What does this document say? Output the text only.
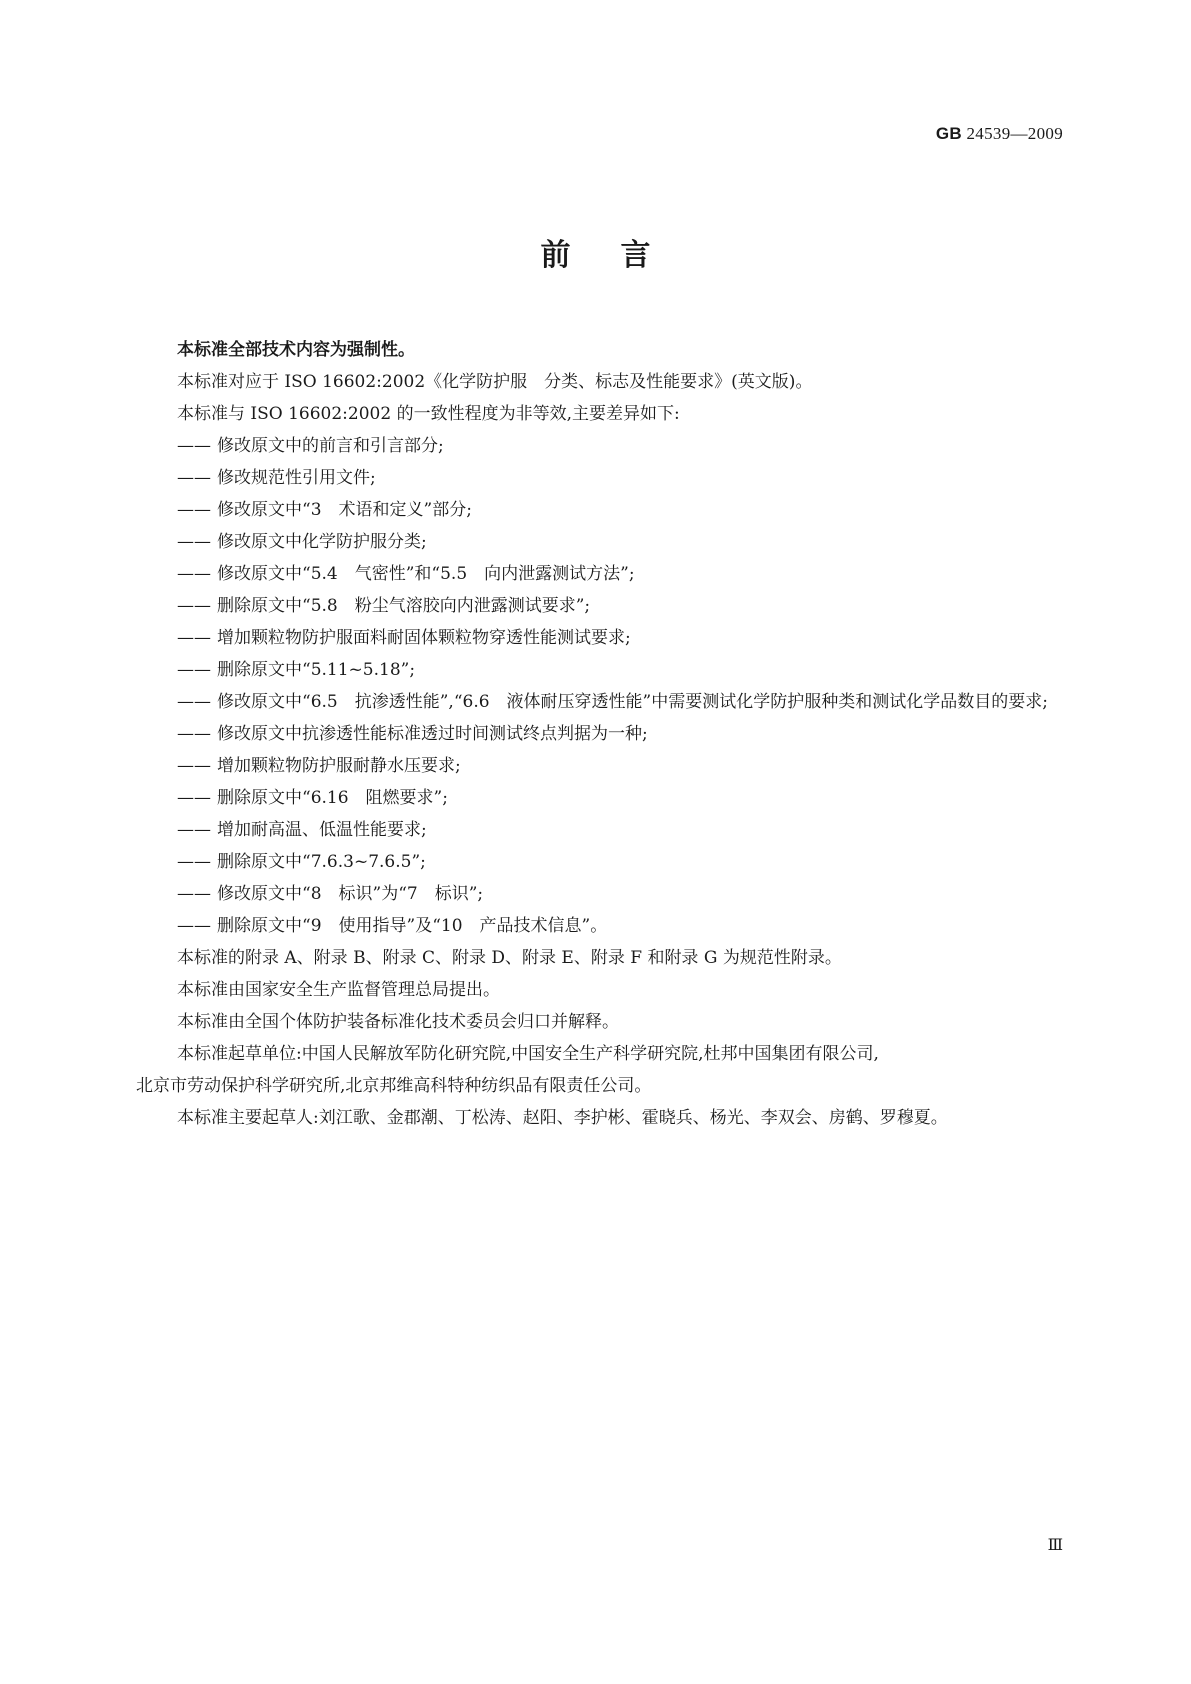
GB 24539—2009
前言
本标准全部技术内容为强制性。
本标准对应于 ISO 16602:2002《化学防护服　分类、标志及性能要求》(英文版)。
本标准与 ISO 16602:2002 的一致性程度为非等效,主要差异如下:
—— 修改原文中的前言和引言部分;
—— 修改规范性引用文件;
—— 修改原文中“3　术语和定义”部分;
—— 修改原文中化学防护服分类;
—— 修改原文中“5.4　气密性”和“5.5　向内泄露测试方法”;
—— 删除原文中“5.8　粉尘气溶胶向内泄露测试要求”;
—— 增加颗粒物防护服面料耐固体颗粒物穿透性能测试要求;
—— 删除原文中“5.11~5.18”;
—— 修改原文中“6.5　抗渗透性能”,“6.6　液体耐压穿透性能”中需要测试化学防护服种类和测试化学品数目的要求;
—— 修改原文中抗渗透性能标准透过时间测试终点判据为一种;
—— 增加颗粒物防护服耐静水压要求;
—— 删除原文中“6.16　阻燃要求”;
—— 增加耐高温、低温性能要求;
—— 删除原文中“7.6.3~7.6.5”;
—— 修改原文中“8　标识”为“7　标识”;
—— 删除原文中“9　使用指导”及“10　产品技术信息”。
本标准的附录 A、附录 B、附录 C、附录 D、附录 E、附录 F 和附录 G 为规范性附录。
本标准由国家安全生产监督管理总局提出。
本标准由全国个体防护装备标准化技术委员会归口并解释。
本标准起草单位:中国人民解放军防化研究院,中国安全生产科学研究院,杜邦中国集团有限公司,
北京市劳动保护科学研究所,北京邦维高科特种纺织品有限责任公司。
本标准主要起草人:刘江歌、金郡潮、丁松涛、赵阳、李护彬、霍晓兵、杨光、李双会、房鹤、罗穆夏。
Ⅲ
